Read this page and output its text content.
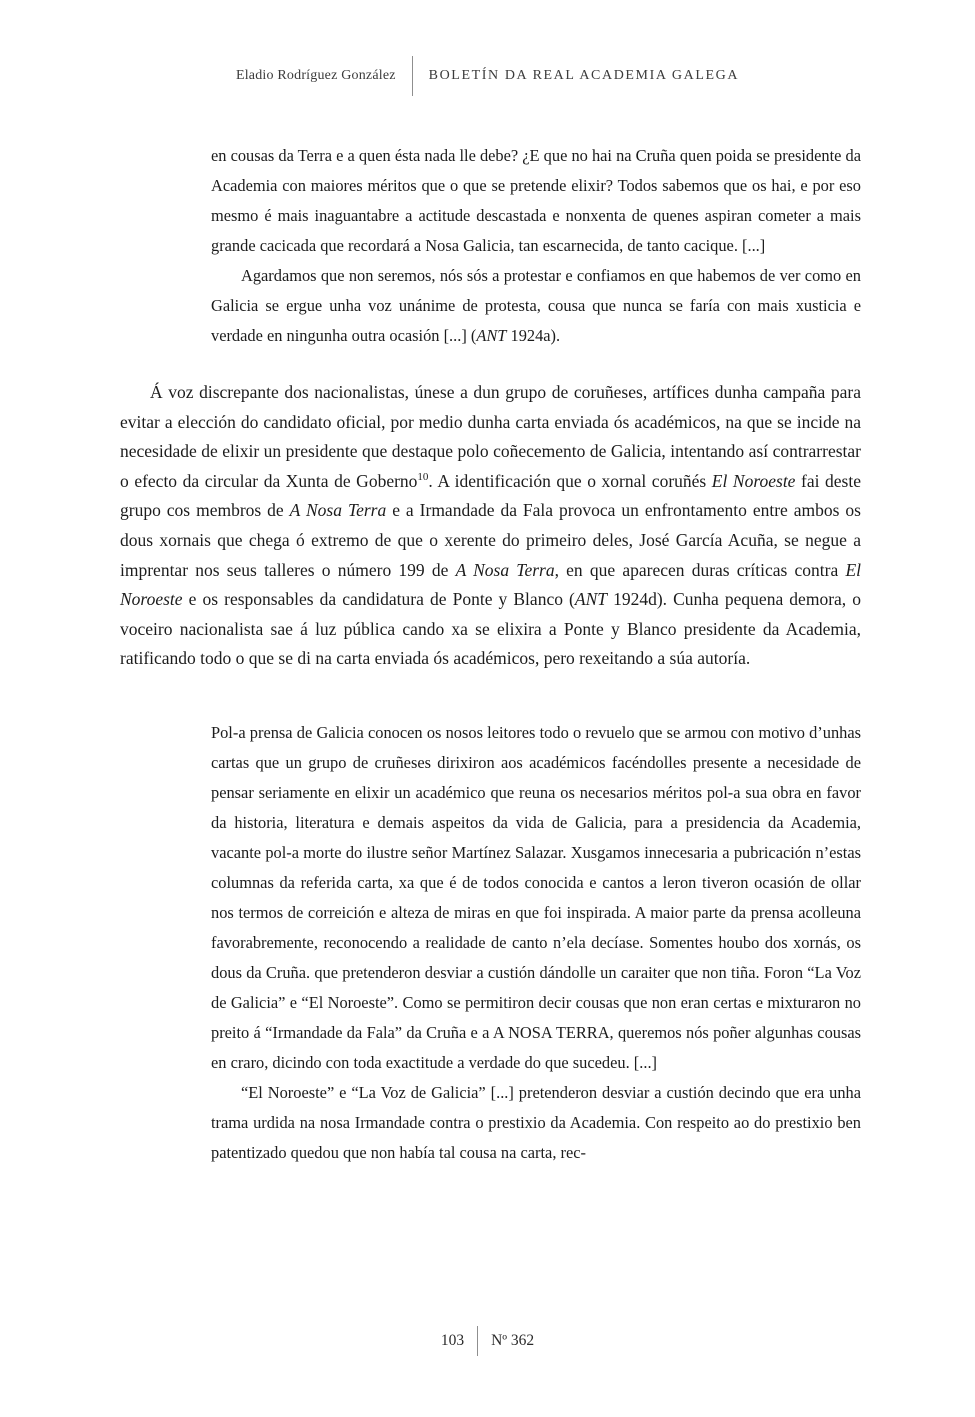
Eladio Rodríguez González BOLETÍN DA REAL ACADEMIA GALEGA

en cousas da Terra e a quen ésta nada lle debe? ¿E que no hai na Cruña quen poida se presidente da Academia con maiores méritos que o que se pretende elixir? Todos sabemos que os hai, e por eso mesmo é mais inaguantabre a actitude descastada e nonxenta de quenes aspiran cometer a mais grande cacicada que recordará a Nosa Galicia, tan escarnecida, de tanto cacique. [...]

Agardamos que non seremos, nós sós a protestar e confiamos en que habemos de ver como en Galicia se ergue unha voz unánime de protesta, cousa que nunca se faría con mais xusticia e verdade en ningunha outra ocasión [...] (ANT 1924a).

Á voz discrepante dos nacionalistas, únese a dun grupo de coruñeses, artífices dunha campaña para evitar a elección do candidato oficial, por medio dunha carta enviada ós académicos, na que se incide na necesidade de elixir un presidente que destaque polo coñecemento de Galicia, intentando así contrarrestar o efecto da circular da Xunta de Goberno$^{10}$. A identificación que o xornal coruñés El Noroeste fai deste grupo cos membros de A Nosa Terra e a Irmandade da Fala provoca un enfrontamento entre ambos os dous xornais que chega ó extremo de que o xerente do primeiro deles, José García Acuña, se negue a imprentar nos seus talleres o número 199 de A Nosa Terra, en que aparecen duras críticas contra El Noroeste e os responsables da candidatura de Ponte y Blanco (ANT 1924d). Cunha pequena demora, o voceiro nacionalista sae á luz pública cando xa se elixira a Ponte y Blanco presidente da Academia, ratificando todo o que se di na carta enviada ós académicos, pero rexeitando a súa autoría.

Pol-a prensa de Galicia conocen os nosos leitores todo o revuelo que se armou con motivo d’unhas cartas que un grupo de cruñeses dirixiron aos académicos facéndolles presente a necesidade de pensar seriamente en elixir un académico que reuna os necesarios méritos pol-a sua obra en favor da historia, literatura e demais aspeitos da vida de Galicia, para a presidencia da Academia, vacante pol-a morte do ilustre señor Martínez Salazar. Xusgamos innecesaria a pubricación n’estas columnas da referida carta, xa que é de todos conocida e cantos a leron tiveron ocasión de ollar nos termos de correición e alteza de miras en que foi inspirada. A maior parte da prensa acolleuna favorabremente, reconocendo a realidade de canto n’ela decíase. Somentes houbo dos xornás, os dous da Cruña. que pretenderon desviar a custión dándolle un caraiter que non tiña. Foron “La Voz de Galicia” e “El Noroeste”. Como se permitiron decir cousas que non eran certas e mixturaron no preito á “Irmandade da Fala” da Cruña e a A NOSA TERRA, queremos nós poñer algunhas cousas en craro, dicindo con toda exactitude a verdade do que sucedeu. [...]

“El Noroeste” e “La Voz de Galicia” [...] pretenderon desviar a custión decindo que era unha trama urdida na nosa Irmandade contra o prestixio da Academia. Con respeito ao do prestixio ben patentizado quedou que non había tal cousa na carta, rec-

103 Nº 362
